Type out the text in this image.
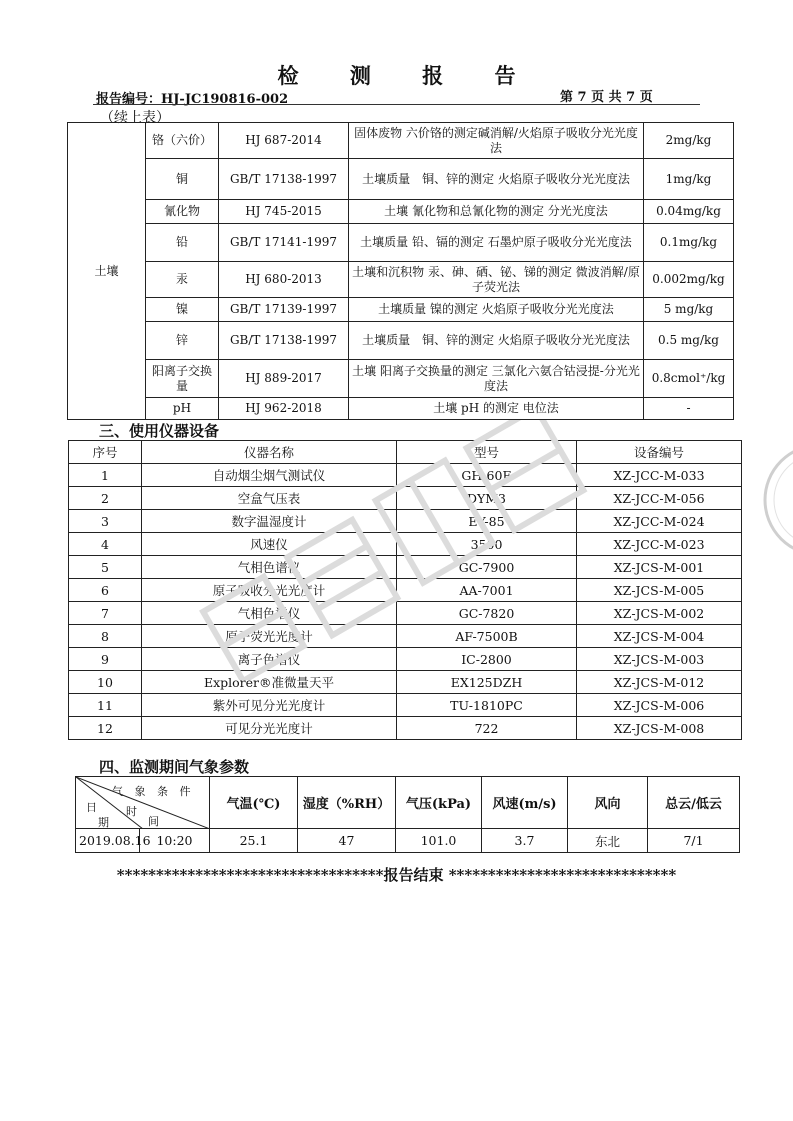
检 测 报 告
报告编号：HJ-JC190816-002	第 7 页 共 7 页
（续上表）
土壤	铬（六价）	HJ 687-2014	固体废物 六价铬的测定碱消解/火焰原子吸收分光光度法	2mg/kg
	铜	GB/T 17138-1997	土壤质量　铜、锌的测定 火焰原子吸收分光光度法	1mg/kg
	氰化物	HJ 745-2015	土壤 氰化物和总氰化物的测定 分光光度法	0.04mg/kg
	铅	GB/T 17141-1997	土壤质量 铅、镉的测定 石墨炉原子吸收分光光度法	0.1mg/kg
	汞	HJ 680-2013	土壤和沉积物 汞、砷、硒、铋、锑的测定 微波消解/原子荧光法	0.002mg/kg
	镍	GB/T 17139-1997	土壤质量 镍的测定 火焰原子吸收分光光度法	5 mg/kg
	锌	GB/T 17138-1997	土壤质量　铜、锌的测定 火焰原子吸收分光光度法	0.5 mg/kg
	阳离子交换量	HJ 889-2017	土壤 阳离子交换量的测定 三氯化六氨合钴浸提-分光光度法	0.8cmol⁺/kg
	pH	HJ 962-2018	土壤 pH 的测定 电位法	-
三、使用仪器设备
序号	仪器名称	型号	设备编号
1	自动烟尘烟气测试仪	GH-60E	XZ-JCC-M-033
2	空盒气压表	DYM3	XZ-JCC-M-056
3	数字温湿度计	EY-85	XZ-JCC-M-024
4	风速仪	3500	XZ-JCC-M-023
5	气相色谱仪	GC-7900	XZ-JCS-M-001
6	原子吸收分光光度计	AA-7001	XZ-JCS-M-005
7	气相色谱仪	GC-7820	XZ-JCS-M-002
8	原子荧光光度计	AF-7500B	XZ-JCS-M-004
9	离子色谱仪	IC-2800	XZ-JCS-M-003
10	Explorer®准微量天平	EX125DZH	XZ-JCS-M-012
11	紫外可见分光光度计	TU-1810PC	XZ-JCS-M-006
12	可见分光光度计	722	XZ-JCS-M-008
四、监测期间气象参数
气 象 条 件
时
间
日
期		气温(℃)	湿度（%RH）	气压(kPa)	风速(m/s)	风向	总云/低云
2019.08.16	10:20	25.1	47	101.0	3.7	东北	7/1
**********************************报告结束 *****************************
